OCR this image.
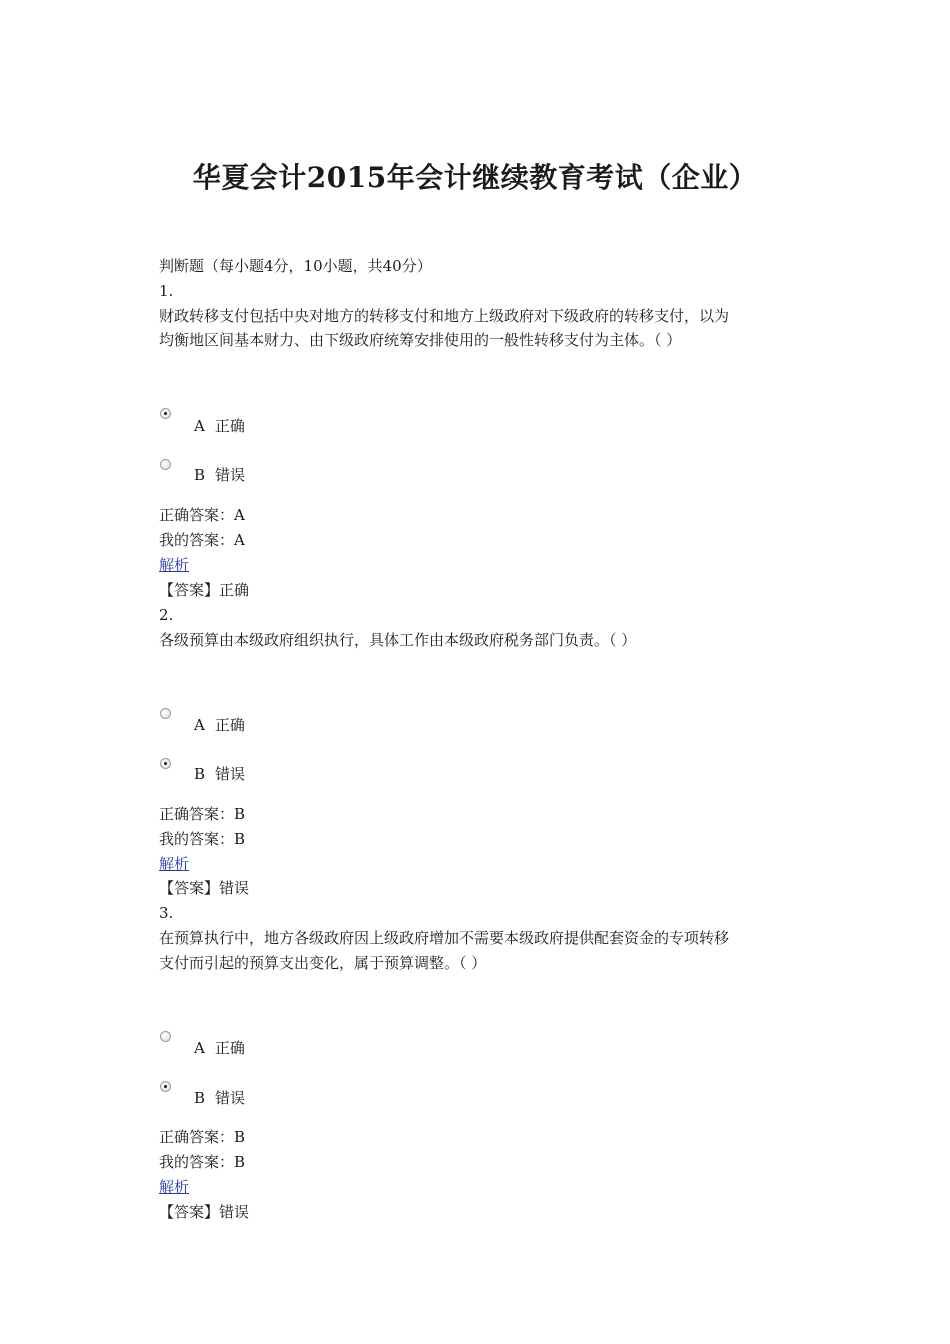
华夏会计2015年会计继续教育考试（企业）
判断题（每小题4分，10小题，共40分）
1.
财政转移支付包括中央对地方的转移支付和地方上级政府对下级政府的转移支付，以为
均衡地区间基本财力、由下级政府统筹安排使用的一般性转移支付为主体。（ ）
A 正确
B 错误
正确答案：A
我的答案：A
解析
【答案】正确
2.
各级预算由本级政府组织执行，具体工作由本级政府税务部门负责。（ ）
A 正确
B 错误
正确答案：B
我的答案：B
解析
【答案】错误
3.
在预算执行中，地方各级政府因上级政府增加不需要本级政府提供配套资金的专项转移
支付而引起的预算支出变化，属于预算调整。（ ）
A 正确
B 错误
正确答案：B
我的答案：B
解析
【答案】错误
